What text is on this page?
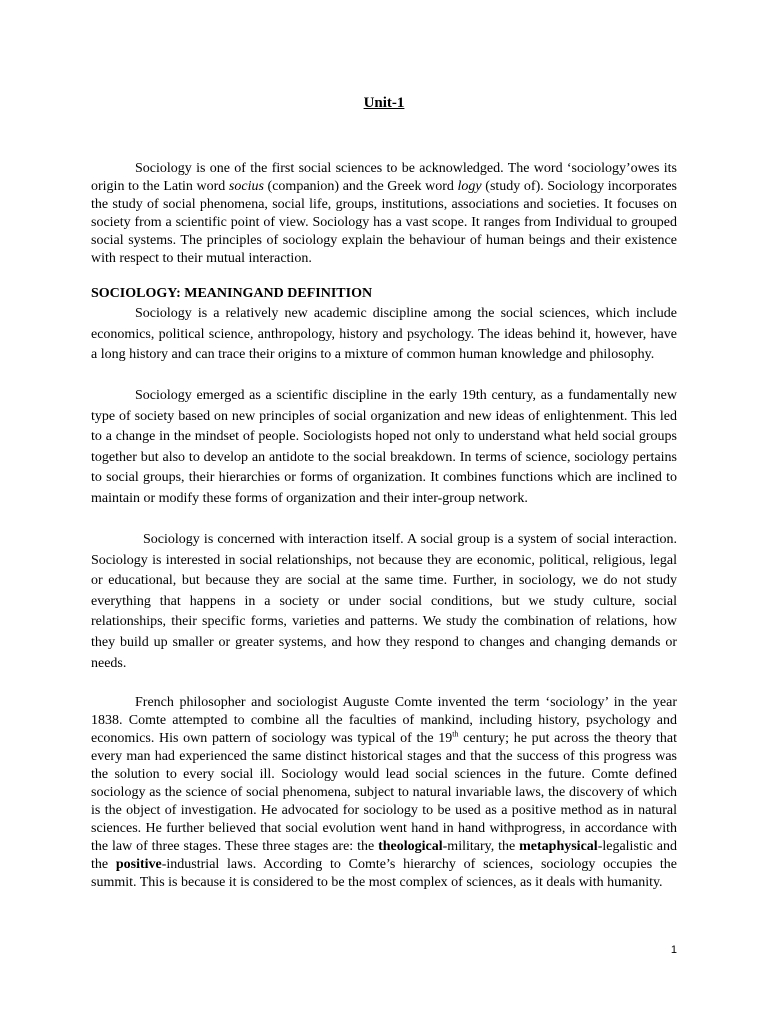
Unit-1

Sociology is one of the first social sciences to be acknowledged. The word ‘sociology’owes its origin to the Latin word socius (companion) and the Greek word logy (study of). Sociology incorporates the study of social phenomena, social life, groups, institutions, associations and societies. It focuses on society from a scientific point of view. Sociology has a vast scope. It ranges from Individual to grouped social systems. The principles of sociology explain the behaviour of human beings and their existence with respect to their mutual interaction.

SOCIOLOGY: MEANINGAND DEFINITION

Sociology is a relatively new academic discipline among the social sciences, which include economics, political science, anthropology, history and psychology. The ideas behind it, however, have a long history and can trace their origins to a mixture of common human knowledge and philosophy.

Sociology emerged as a scientific discipline in the early 19th century, as a fundamentally new type of society based on new principles of social organization and new ideas of enlightenment. This led to a change in the mindset of people. Sociologists hoped not only to understand what held social groups together but also to develop an antidote to the social breakdown. In terms of science, sociology pertains to social groups, their hierarchies or forms of organization. It combines functions which are inclined to maintain or modify these forms of organization and their inter-group network.

Sociology is concerned with interaction itself. A social group is a system of social interaction. Sociology is interested in social relationships, not because they are economic, political, religious, legal or educational, but because they are social at the same time. Further, in sociology, we do not study everything that happens in a society or under social conditions, but we study culture, social relationships, their specific forms, varieties and patterns. We study the combination of relations, how they build up smaller or greater systems, and how they respond to changes and changing demands or needs.

French philosopher and sociologist Auguste Comte invented the term ‘sociology’ in the year 1838. Comte attempted to combine all the faculties of mankind, including history, psychology and economics. His own pattern of sociology was typical of the 19th century; he put across the theory that every man had experienced the same distinct historical stages and that the success of this progress was the solution to every social ill. Sociology would lead social sciences in the future. Comte defined sociology as the science of social phenomena, subject to natural invariable laws, the discovery of which is the object of investigation. He advocated for sociology to be used as a positive method as in natural sciences. He further believed that social evolution went hand in hand withprogress, in accordance with the law of three stages. These three stages are: the theological-military, the metaphysical-legalistic and the positive-industrial laws. According to Comte’s hierarchy of sciences, sociology occupies the summit. This is because it is considered to be the most complex of sciences, as it deals with humanity.

1
